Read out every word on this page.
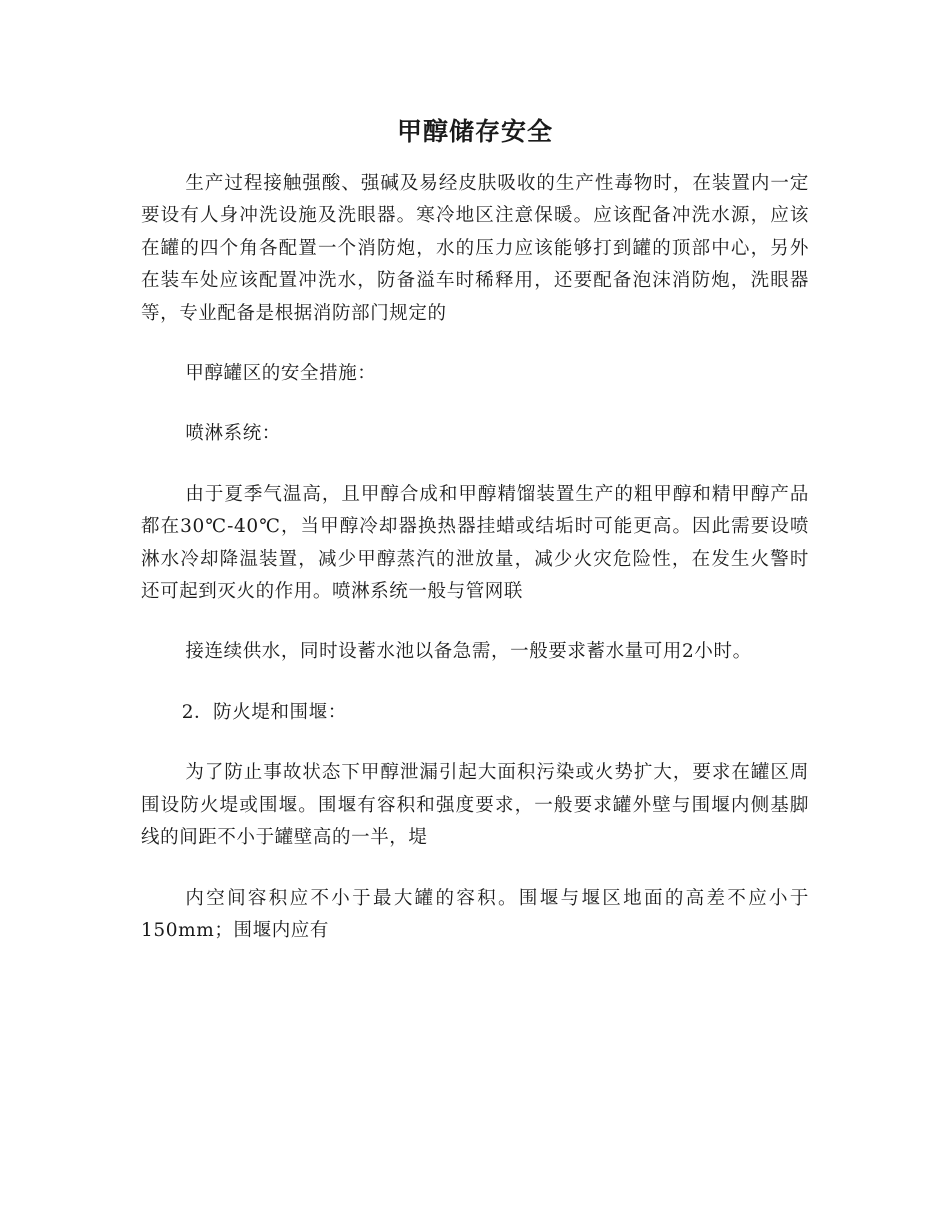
甲醇储存安全

生产过程接触强酸、强碱及易经皮肤吸收的生产性毒物时，在装置内一定要设有人身冲洗设施及洗眼器。寒冷地区注意保暖。应该配备冲洗水源，应该在罐的四个角各配置一个消防炮，水的压力应该能够打到罐的顶部中心，另外在装车处应该配置冲洗水，防备溢车时稀释用，还要配备泡沫消防炮，洗眼器等，专业配备是根据消防部门规定的

甲醇罐区的安全措施：

喷淋系统：

由于夏季气温高，且甲醇合成和甲醇精馏装置生产的粗甲醇和精甲醇产品都在30℃-40℃，当甲醇冷却器换热器挂蜡或结垢时可能更高。因此需要设喷淋水冷却降温装置，减少甲醇蒸汽的泄放量，减少火灾危险性，在发生火警时还可起到灭火的作用。喷淋系统一般与管网联

接连续供水，同时设蓄水池以备急需，一般要求蓄水量可用2小时。

2．防火堤和围堰：

为了防止事故状态下甲醇泄漏引起大面积污染或火势扩大，要求在罐区周围设防火堤或围堰。围堰有容积和强度要求，一般要求罐外壁与围堰内侧基脚线的间距不小于罐壁高的一半，堤

内空间容积应不小于最大罐的容积。围堰与堰区地面的高差不应小于150mm；围堰内应有
